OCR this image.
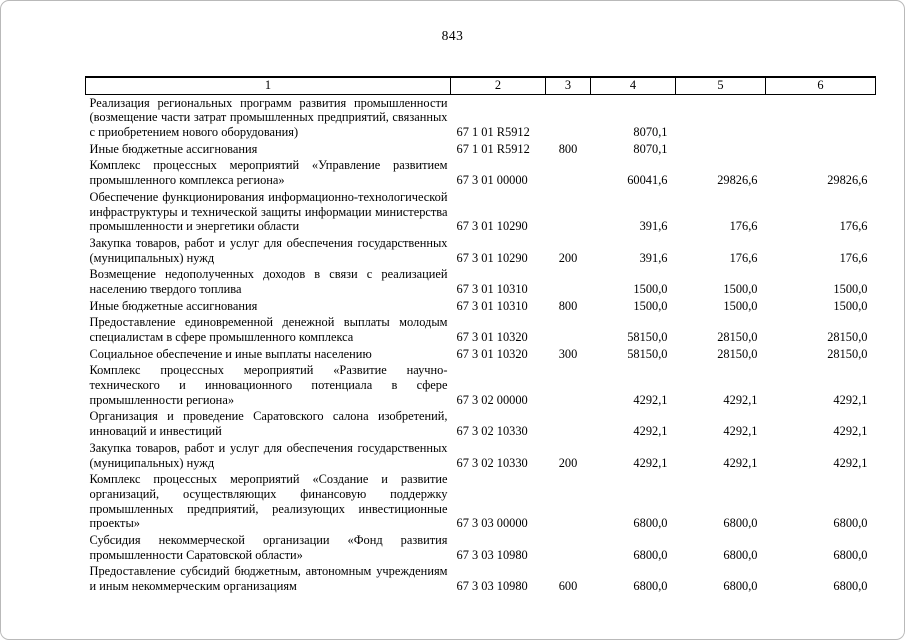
843
1	2	3	4	5	6
Реализация региональных программ развития промышленности (возмещение части затрат промышленных предприятий, связанных с приобретением нового оборудования)	67 1 01 R5912		8070,1		
Иные бюджетные ассигнования	67 1 01 R5912	800	8070,1		
Комплекс процессных мероприятий «Управление развитием промышленного комплекса региона»	67 3 01 00000		60041,6	29826,6	29826,6
Обеспечение функционирования информационно-технологической инфраструктуры и технической защиты информации министерства промышленности и энергетики области	67 3 01 10290		391,6	176,6	176,6
Закупка товаров, работ и услуг для обеспечения государственных (муниципальных) нужд	67 3 01 10290	200	391,6	176,6	176,6
Возмещение недополученных доходов в связи с реализацией населению твердого топлива	67 3 01 10310		1500,0	1500,0	1500,0
Иные бюджетные ассигнования	67 3 01 10310	800	1500,0	1500,0	1500,0
Предоставление единовременной денежной выплаты молодым специалистам в сфере промышленного комплекса	67 3 01 10320		58150,0	28150,0	28150,0
Социальное обеспечение и иные выплаты населению	67 3 01 10320	300	58150,0	28150,0	28150,0
Комплекс процессных мероприятий «Развитие научно-технического и инновационного потенциала в сфере промышленности региона»	67 3 02 00000		4292,1	4292,1	4292,1
Организация и проведение Саратовского салона изобретений, инноваций и инвестиций	67 3 02 10330		4292,1	4292,1	4292,1
Закупка товаров, работ и услуг для обеспечения государственных (муниципальных) нужд	67 3 02 10330	200	4292,1	4292,1	4292,1
Комплекс процессных мероприятий «Создание и развитие организаций, осуществляющих финансовую поддержку промышленных предприятий, реализующих инвестиционные проекты»	67 3 03 00000		6800,0	6800,0	6800,0
Субсидия некоммерческой организации «Фонд развития промышленности Саратовской области»	67 3 03 10980		6800,0	6800,0	6800,0
Предоставление субсидий бюджетным, автономным учреждениям и иным некоммерческим организациям	67 3 03 10980	600	6800,0	6800,0	6800,0
